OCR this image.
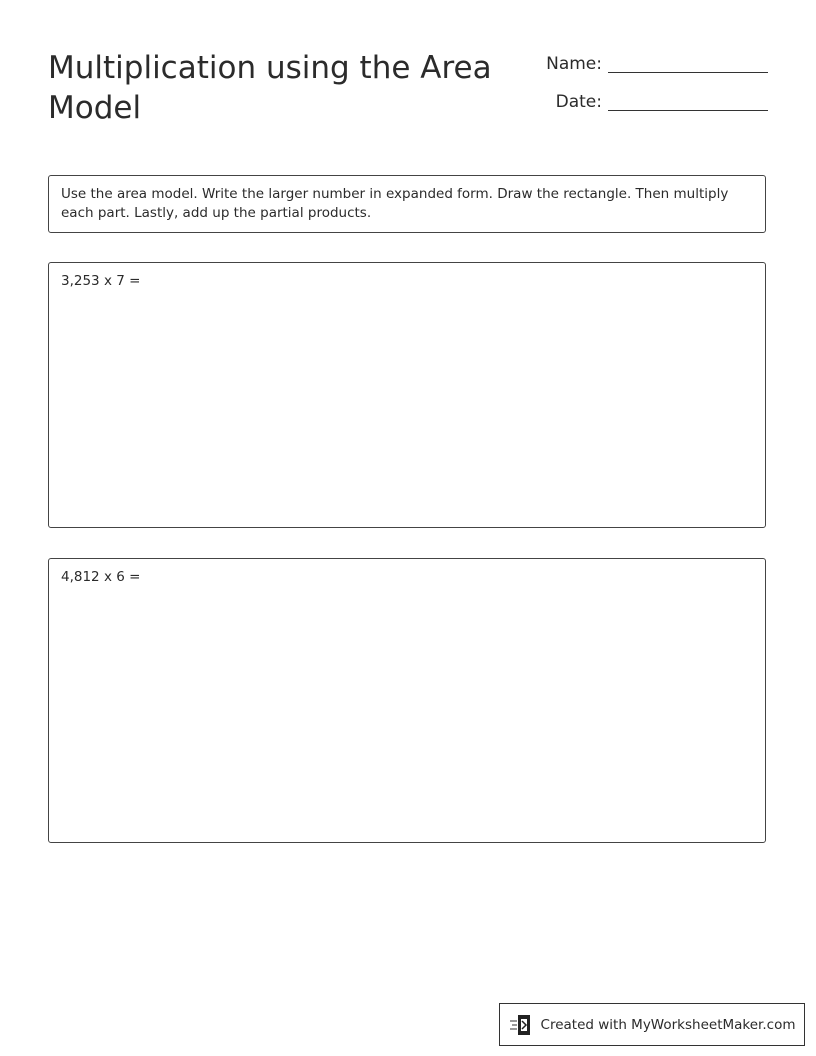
Multiplication using the Area Model
Name:
Date:
Use the area model. Write the larger number in expanded form. Draw the rectangle. Then multiply each part. Lastly, add up the partial products.
3,253 x 7 =
4,812 x 6 =
Created with MyWorksheetMaker.com
